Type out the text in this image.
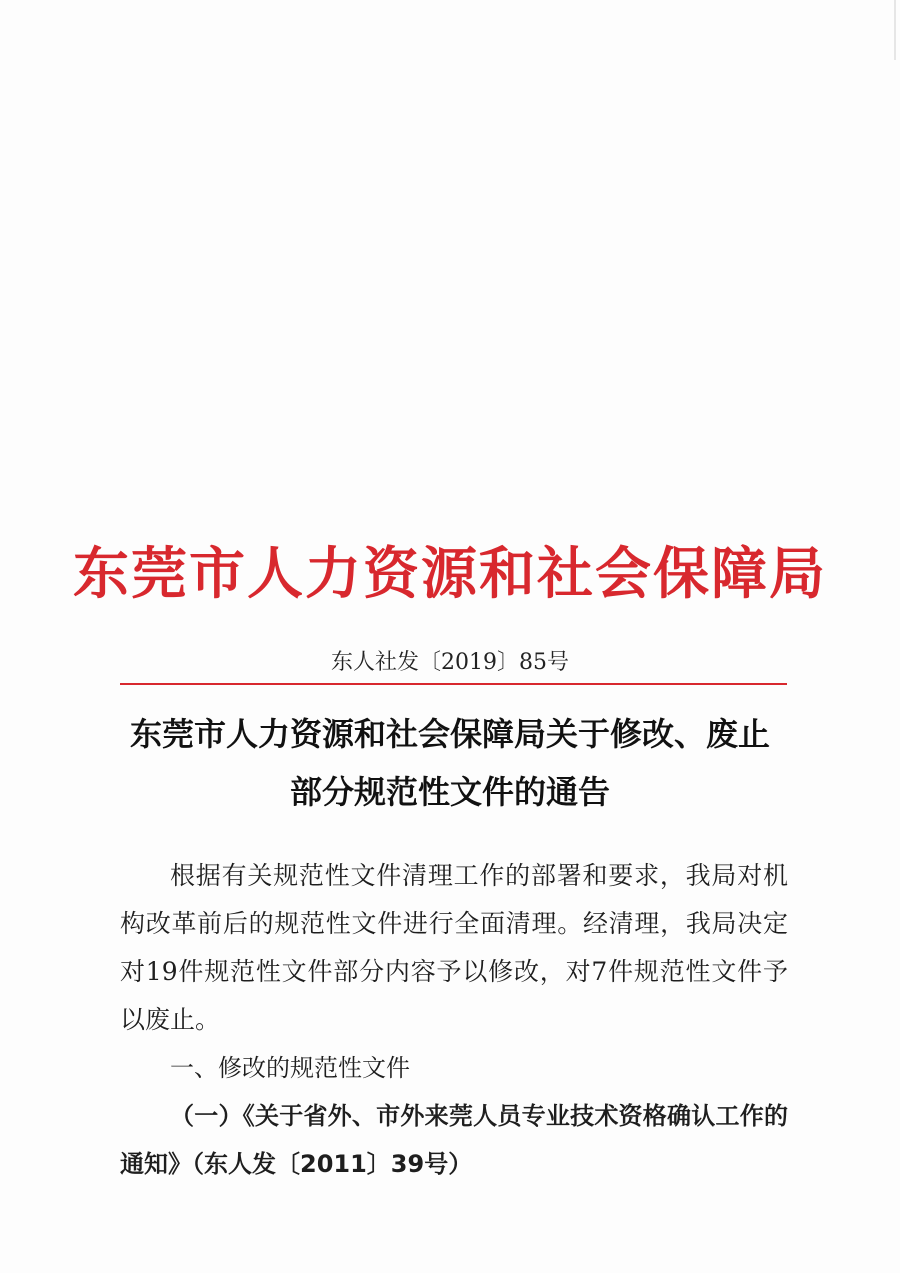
东莞市人力资源和社会保障局
东人社发〔2019〕85号
东莞市人力资源和社会保障局关于修改、废止
部分规范性文件的通告

根据有关规范性文件清理工作的部署和要求，我局对机构改革前后的规范性文件进行全面清理。经清理，我局决定对19件规范性文件部分内容予以修改，对7件规范性文件予以废止。

一、修改的规范性文件

（一）《关于省外、市外来莞人员专业技术资格确认工作的通知》（东人发〔2011〕39号）
